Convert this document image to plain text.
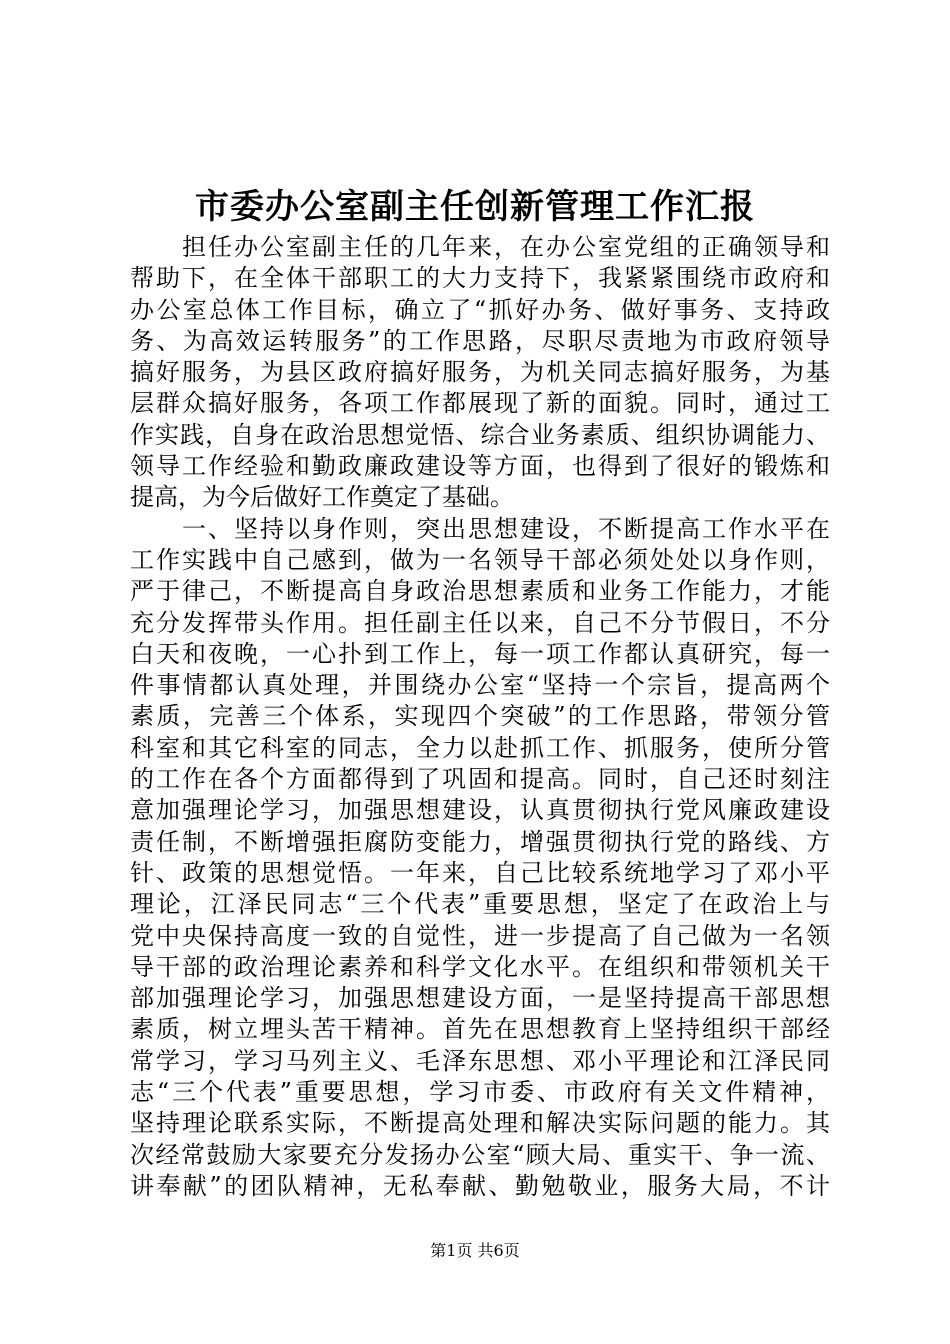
市委办公室副主任创新管理工作汇报
　　担任办公室副主任的几年来，在办公室党组的正确领导和
帮助下，在全体干部职工的大力支持下，我紧紧围绕市政府和
办公室总体工作目标，确立了“抓好办务、做好事务、支持政
务、为高效运转服务”的工作思路，尽职尽责地为市政府领导
搞好服务，为县区政府搞好服务，为机关同志搞好服务，为基
层群众搞好服务，各项工作都展现了新的面貌。同时，通过工
作实践，自身在政治思想觉悟、综合业务素质、组织协调能力、
领导工作经验和勤政廉政建设等方面，也得到了很好的锻炼和
提高，为今后做好工作奠定了基础。
　　一、坚持以身作则，突出思想建设，不断提高工作水平在
工作实践中自己感到，做为一名领导干部必须处处以身作则，
严于律己，不断提高自身政治思想素质和业务工作能力，才能
充分发挥带头作用。担任副主任以来，自己不分节假日，不分
白天和夜晚，一心扑到工作上，每一项工作都认真研究，每一
件事情都认真处理，并围绕办公室“坚持一个宗旨，提高两个
素质，完善三个体系，实现四个突破”的工作思路，带领分管
科室和其它科室的同志，全力以赴抓工作、抓服务，使所分管
的工作在各个方面都得到了巩固和提高。同时，自己还时刻注
意加强理论学习，加强思想建设，认真贯彻执行党风廉政建设
责任制，不断增强拒腐防变能力，增强贯彻执行党的路线、方
针、政策的思想觉悟。一年来，自己比较系统地学习了邓小平
理论，江泽民同志“三个代表”重要思想，坚定了在政治上与
党中央保持高度一致的自觉性，进一步提高了自己做为一名领
导干部的政治理论素养和科学文化水平。在组织和带领机关干
部加强理论学习，加强思想建设方面，一是坚持提高干部思想
素质，树立埋头苦干精神。首先在思想教育上坚持组织干部经
常学习，学习马列主义、毛泽东思想、邓小平理论和江泽民同
志“三个代表”重要思想，学习市委、市政府有关文件精神，
坚持理论联系实际，不断提高处理和解决实际问题的能力。其
次经常鼓励大家要充分发扬办公室“顾大局、重实干、争一流、
讲奉献”的团队精神，无私奉献、勤勉敬业，服务大局，不计
第1页 共6页
